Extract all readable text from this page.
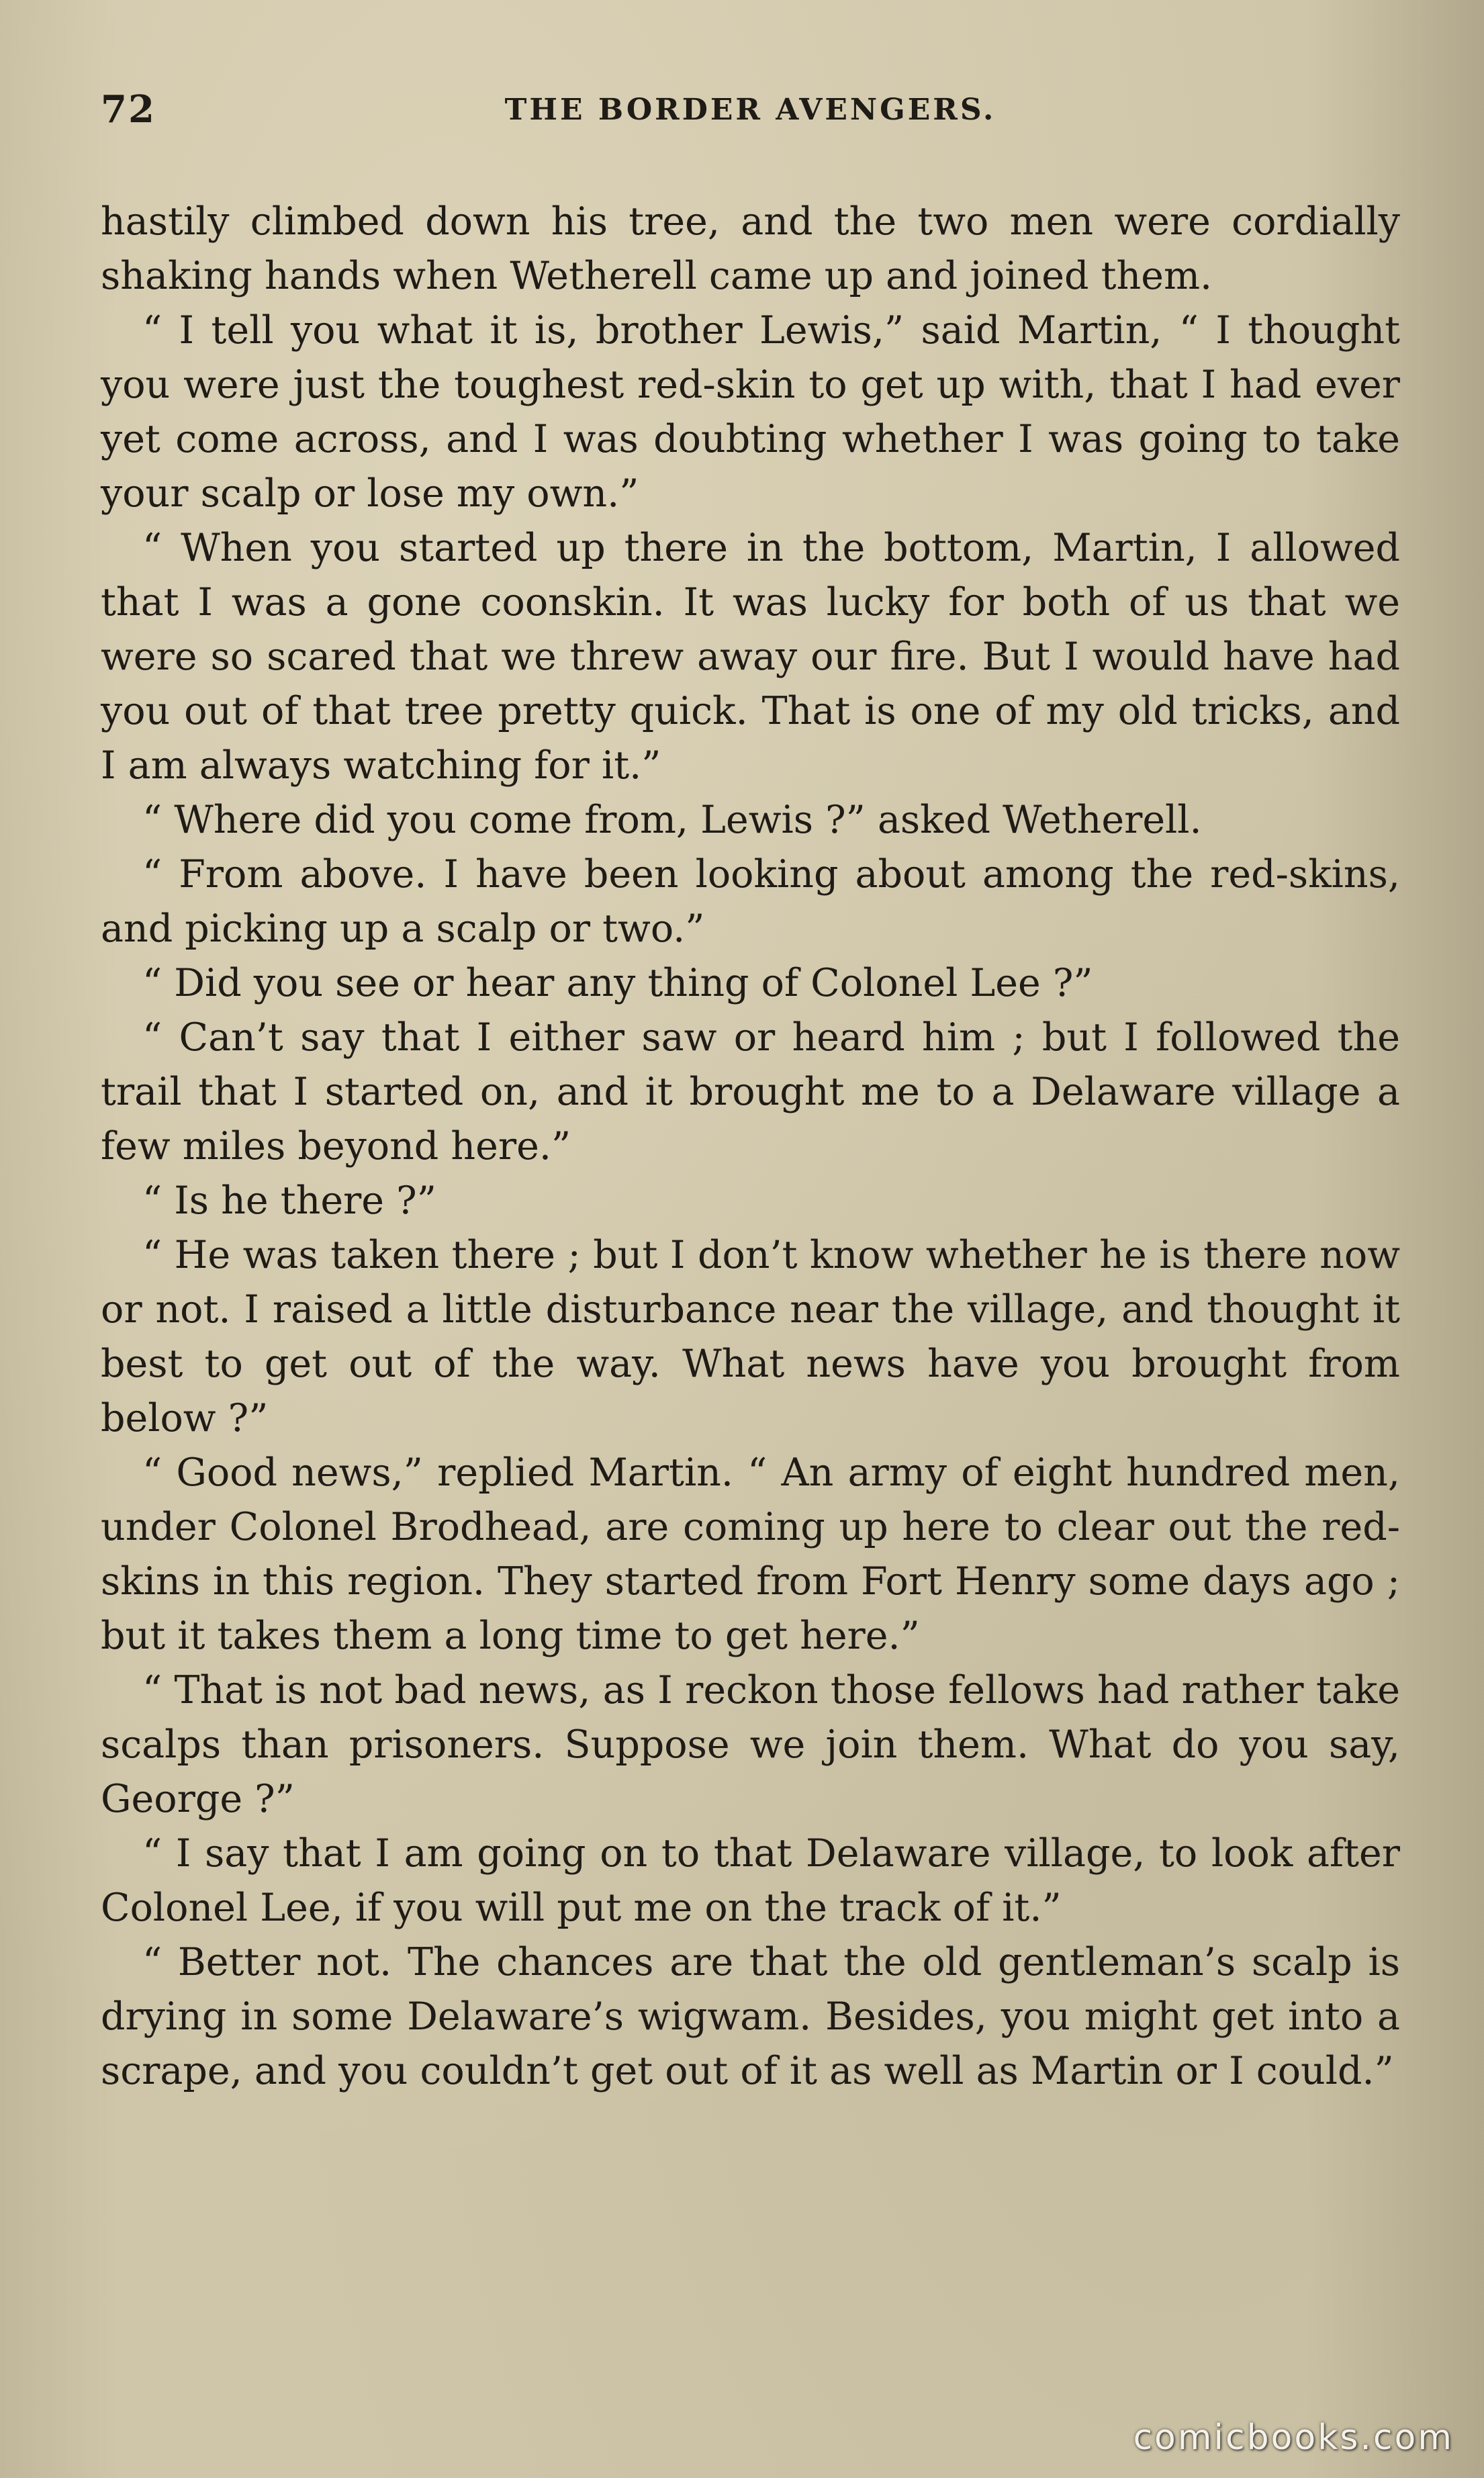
72	THE BORDER AVENGERS.

hastily climbed down his tree, and the two men were cordially shaking hands when Wetherell came up and joined them.

“ I tell you what it is, brother Lewis,” said Martin, “ I thought you were just the toughest red-skin to get up with, that I had ever yet come across, and I was doubting whether I was going to take your scalp or lose my own.”

“ When you started up there in the bottom, Martin, I allowed that I was a gone coonskin. It was lucky for both of us that we were so scared that we threw away our fire. But I would have had you out of that tree pretty quick. That is one of my old tricks, and I am always watching for it.”

“ Where did you come from, Lewis ?” asked Wetherell.

“ From above. I have been looking about among the red-skins, and picking up a scalp or two.”

“ Did you see or hear any thing of Colonel Lee ?”

“ Can’t say that I either saw or heard him ; but I followed the trail that I started on, and it brought me to a Delaware village a few miles beyond here.”

“ Is he there ?”

“ He was taken there ; but I don’t know whether he is there now or not. I raised a little disturbance near the village, and thought it best to get out of the way. What news have you brought from below ?”

“ Good news,” replied Martin. “ An army of eight hundred men, under Colonel Brodhead, are coming up here to clear out the red-skins in this region. They started from Fort Henry some days ago ; but it takes them a long time to get here.”

“ That is not bad news, as I reckon those fellows had rather take scalps than prisoners. Suppose we join them. What do you say, George ?”

“ I say that I am going on to that Delaware village, to look after Colonel Lee, if you will put me on the track of it.”

“ Better not. The chances are that the old gentleman’s scalp is drying in some Delaware’s wigwam. Besides, you might get into a scrape, and you couldn’t get out of it as well as Martin or I could.”

comicbooks.com
